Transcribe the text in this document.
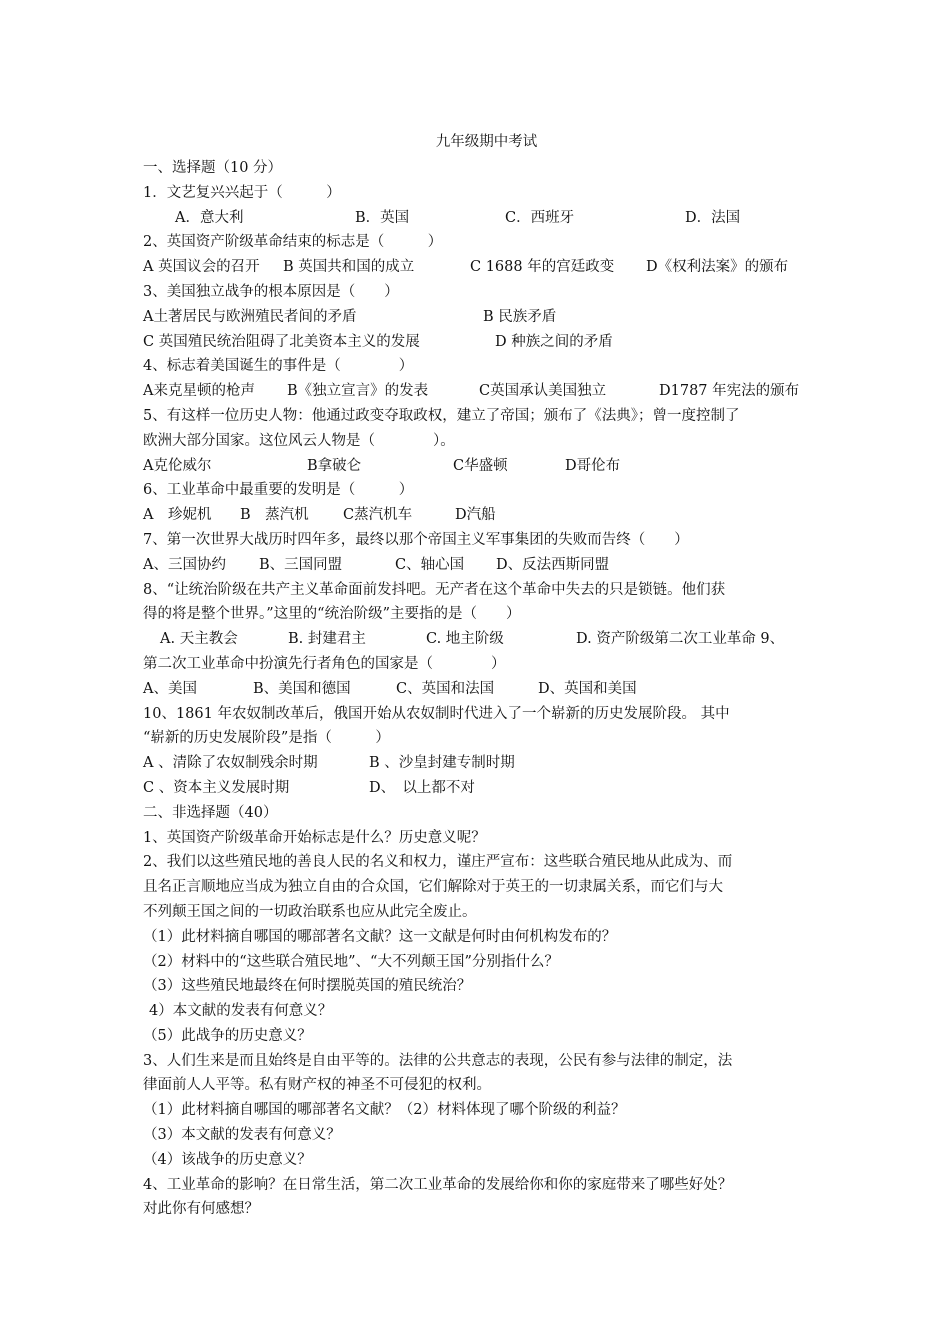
九年级期中考试
一、选择题（10 分）
1．文艺复兴兴起于（　　　）
A．意大利	B．英国	C．西班牙	D．法国
2、英国资产阶级革命结束的标志是（　　　）
A 英国议会的召开	B 英国共和国的成立	C 1688 年的宫廷政变	D《权利法案》的颁布
3、美国独立战争的根本原因是（　　）
A土著居民与欧洲殖民者间的矛盾	B 民族矛盾
C 英国殖民统治阻碍了北美资本主义的发展	D 种族之间的矛盾
4、标志着美国诞生的事件是（　　　　）
A来克星顿的枪声	B《独立宣言》的发表	C英国承认美国独立	D1787 年宪法的颁布
5、有这样一位历史人物：他通过政变夺取政权，建立了帝国；颁布了《法典》；曾一度控制了
欧洲大部分国家。这位风云人物是（　　　　）。
A克伦威尔	B拿破仑	C华盛顿	D哥伦布
6、工业革命中最重要的发明是（　　　）
A　珍妮机	B　蒸汽机	C蒸汽机车	D汽船
7、第一次世界大战历时四年多，最终以那个帝国主义军事集团的失败而告终（　　）
A、三国协约	B、三国同盟	C、轴心国	D、反法西斯同盟
8、“让统治阶级在共产主义革命面前发抖吧。无产者在这个革命中失去的只是锁链。他们获
得的将是整个世界。”这里的“统治阶级”主要指的是（　　）
A. 天主教会	B. 封建君主	C. 地主阶级	D. 资产阶级第二次工业革命 9、
第二次工业革命中扮演先行者角色的国家是（　　　　）
A、美国	B、美国和德国	C、英国和法国	D、英国和美国
10、1861 年农奴制改革后，俄国开始从农奴制时代进入了一个崭新的历史发展阶段。 其中
“崭新的历史发展阶段”是指（　　　）
A 、清除了农奴制残余时期	B 、沙皇封建专制时期
C 、资本主义发展时期	D、　以上都不对
二、非选择题（40）
1、英国资产阶级革命开始标志是什么？历史意义呢？
2、我们以这些殖民地的善良人民的名义和权力，谨庄严宣布：这些联合殖民地从此成为、而
且名正言顺地应当成为独立自由的合众国，它们解除对于英王的一切隶属关系，而它们与大
不列颠王国之间的一切政治联系也应从此完全废止。
（1）此材料摘自哪国的哪部著名文献？这一文献是何时由何机构发布的？
（2）材料中的“这些联合殖民地”、“大不列颠王国”分别指什么？
（3）这些殖民地最终在何时摆脱英国的殖民统治？
4）本文献的发表有何意义？
（5）此战争的历史意义？
3、人们生来是而且始终是自由平等的。法律的公共意志的表现，公民有参与法律的制定，法
律面前人人平等。私有财产权的神圣不可侵犯的权利。
（1）此材料摘自哪国的哪部著名文献？（2）材料体现了哪个阶级的利益？
（3）本文献的发表有何意义？
（4）该战争的历史意义？
4、工业革命的影响？在日常生活，第二次工业革命的发展给你和你的家庭带来了哪些好处？
对此你有何感想？
